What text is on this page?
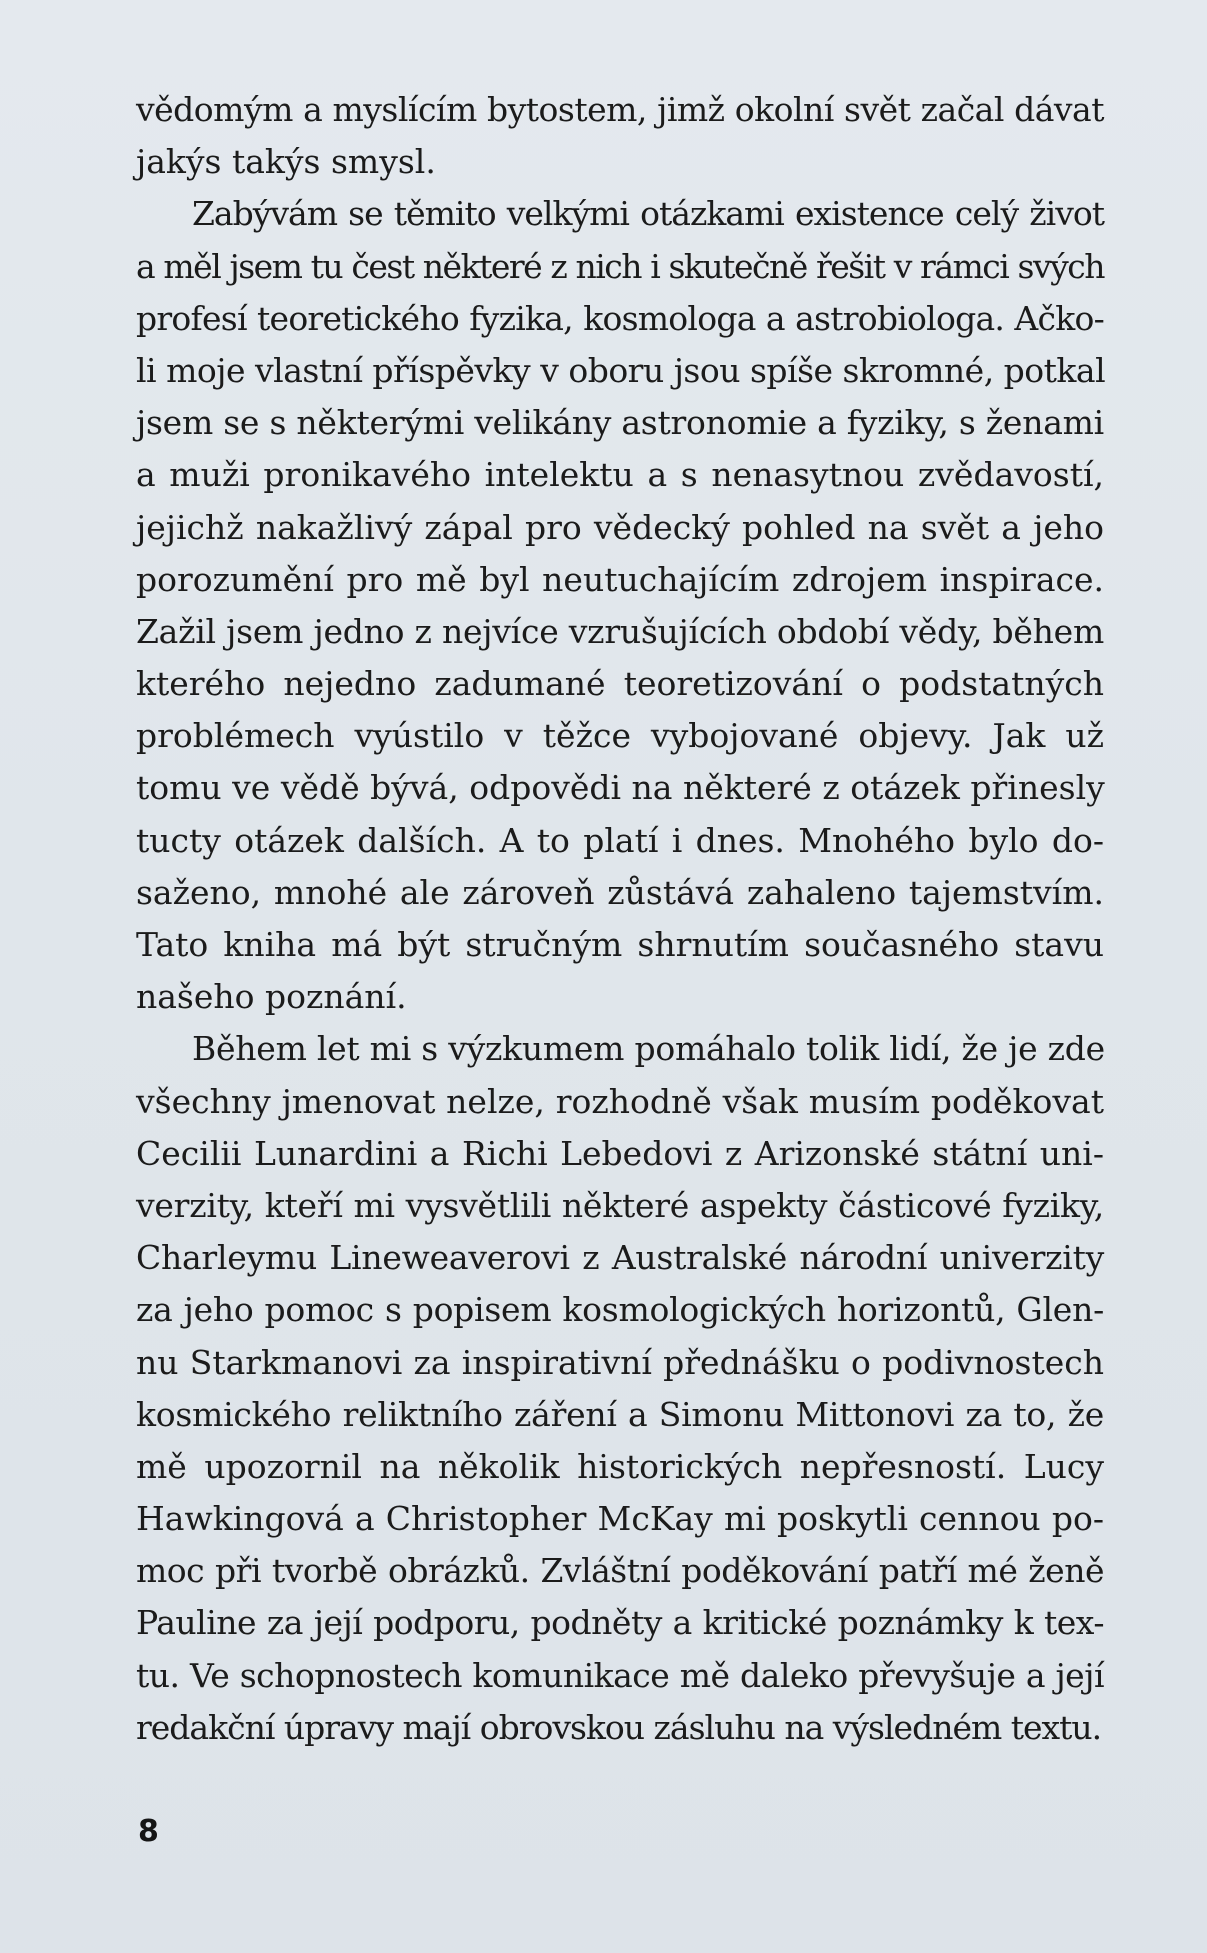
vědomým a myslícím bytostem, jimž okolní svět začal dávat
jakýs takýs smysl.
Zabývám se těmito velkými otázkami existence celý život
a měl jsem tu čest některé z nich i skutečně řešit v rámci svých
profesí teoretického fyzika, kosmologa a astrobiologa. Ačko-
li moje vlastní příspěvky v oboru jsou spíše skromné, potkal
jsem se s některými velikány astronomie a fyziky, s ženami
a muži pronikavého intelektu a s nenasytnou zvědavostí,
jejichž nakažlivý zápal pro vědecký pohled na svět a jeho
porozumění pro mě byl neutuchajícím zdrojem inspirace.
Zažil jsem jedno z nejvíce vzrušujících období vědy, během
kterého nejedno zadumané teoretizování o podstatných
problémech vyústilo v těžce vybojované objevy. Jak už
tomu ve vědě bývá, odpovědi na některé z otázek přinesly
tucty otázek dalších. A to platí i dnes. Mnohého bylo do-
saženo, mnohé ale zároveň zůstává zahaleno tajemstvím.
Tato kniha má být stručným shrnutím současného stavu
našeho poznání.
Během let mi s výzkumem pomáhalo tolik lidí, že je zde
všechny jmenovat nelze, rozhodně však musím poděkovat
Cecilii Lunardini a Richi Lebedovi z Arizonské státní uni-
verzity, kteří mi vysvětlili některé aspekty částicové fyziky,
Charleymu Lineweaverovi z Australské národní univerzity
za jeho pomoc s popisem kosmologických horizontů, Glen-
nu Starkmanovi za inspirativní přednášku o podivnostech
kosmického reliktního záření a Simonu Mittonovi za to, že
mě upozornil na několik historických nepřesností. Lucy
Hawkingová a Christopher McKay mi poskytli cennou po-
moc při tvorbě obrázků. Zvláštní poděkování patří mé ženě
Pauline za její podporu, podněty a kritické poznámky k tex-
tu. Ve schopnostech komunikace mě daleko převyšuje a její
redakční úpravy mají obrovskou zásluhu na výsledném textu.
8
